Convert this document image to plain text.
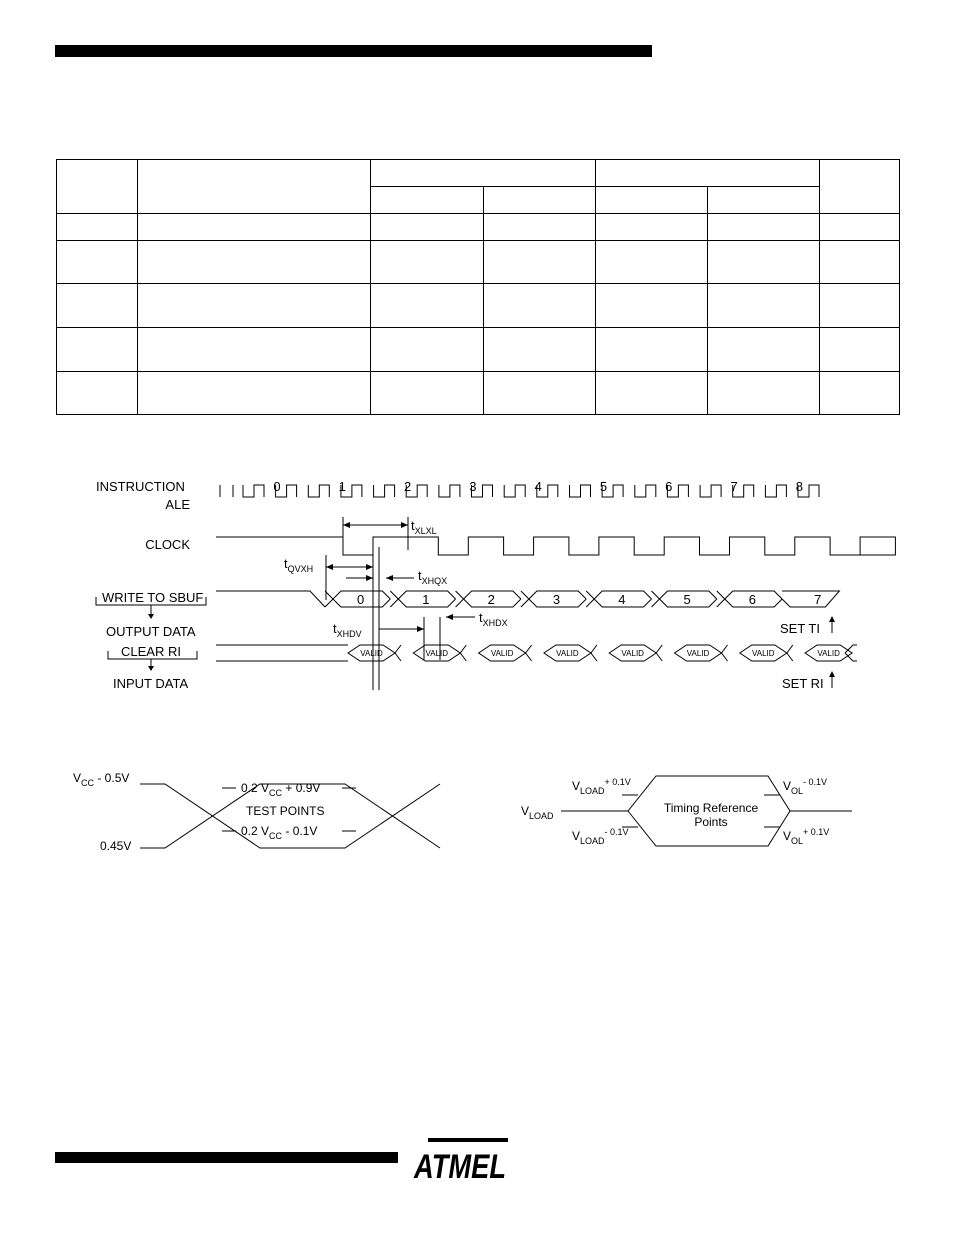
INSTRUCTION
ALE
CLOCK
0	1	2	3	4	5	6	7	8
$t_{XLXL}$
$t_{QVXH}$	$t_{XHQX}$
WRITE TO SBUF
OUTPUT DATA
0	1	2	3	4	5	6	7
SET TI
$t_{XHDV}$
$t_{XHDX}$
CLEAR RI
INPUT DATA
VALID	VALID	VALID	VALID	VALID	VALID	VALID	VALID
SET RI
$V_{CC} - 0.5V$
0.45V
0.2 $V_{CC} + 0.9V$
TEST POINTS
0.2 $V_{CC} - 0.1V$
$V_{LOAD}$
$V_{LOAD}^{+ 0.1V}$
$V_{LOAD}^{- 0.1V}$
$V_{OL}^{- 0.1V}$
$V_{OL}^{+ 0.1V}$
Timing Reference
Points
ATMEL
